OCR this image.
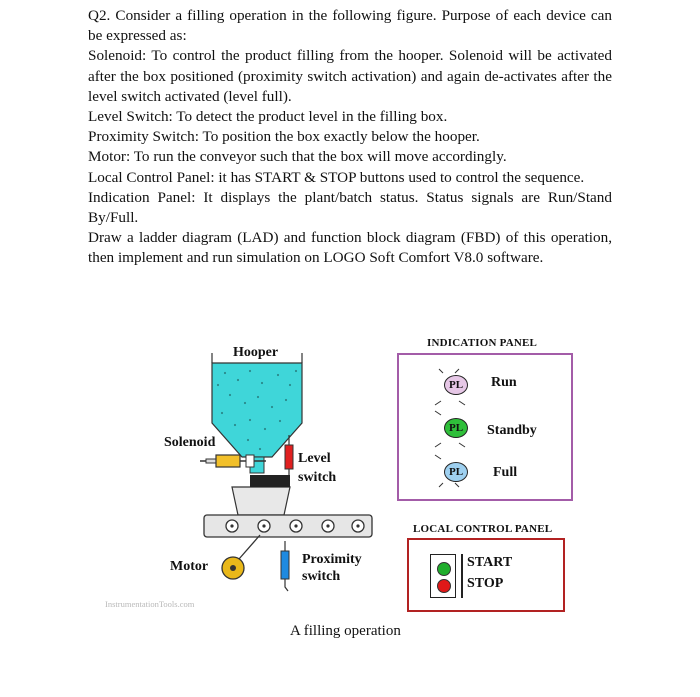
Q2. Consider a filling operation in the following figure. Purpose of each device can be expressed as:

Solenoid: To control the product filling from the hooper. Solenoid will be activated after the box positioned (proximity switch activation) and again de-activates after the level switch activated (level full).

Level Switch: To detect the product level in the filling box.

Proximity Switch: To position the box exactly below the hooper.

Motor: To run the conveyor such that the box will move accordingly.

Local Control Panel: it has START & STOP buttons used to control the sequence.

Indication Panel: It displays the plant/batch status. Status signals are Run/Stand By/Full.

Draw a ladder diagram (LAD) and function block diagram (FBD) of this operation, then implement and run simulation on LOGO Soft Comfort V8.0 software.

Hooper
Solenoid
Level
switch
Motor	Proximity
switch
InstrumentationTools.com
INDICATION PANEL
PL	Run
PL	Standby
PL	Full
LOCAL CONTROL PANEL
START
STOP
A filling operation
